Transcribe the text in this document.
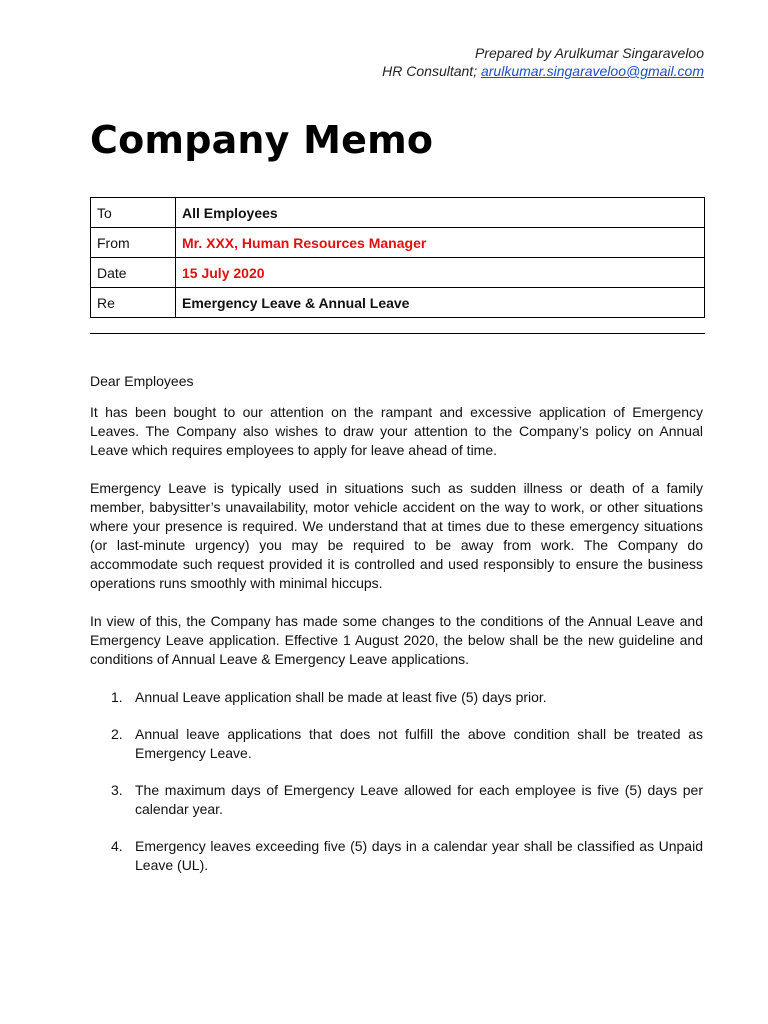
Prepared by Arulkumar Singaraveloo
HR Consultant; arulkumar.singaraveloo@gmail.com
Company Memo
To	All Employees
From	Mr. XXX, Human Resources Manager
Date	15 July 2020
Re	Emergency Leave & Annual Leave

Dear Employees

It has been bought to our attention on the rampant and excessive application of Emergency Leaves. The Company also wishes to draw your attention to the Company’s policy on Annual Leave which requires employees to apply for leave ahead of time.

Emergency Leave is typically used in situations such as sudden illness or death of a family member, babysitter’s unavailability, motor vehicle accident on the way to work, or other situations where your presence is required. We understand that at times due to these emergency situations (or last-minute urgency) you may be required to be away from work. The Company do accommodate such request provided it is controlled and used responsibly to ensure the business operations runs smoothly with minimal hiccups.

In view of this, the Company has made some changes to the conditions of the Annual Leave and Emergency Leave application. Effective 1 August 2020, the below shall be the new guideline and conditions of Annual Leave & Emergency Leave applications.

1. Annual Leave application shall be made at least five (5) days prior.
2. Annual leave applications that does not fulfill the above condition shall be treated as Emergency Leave.
3. The maximum days of Emergency Leave allowed for each employee is five (5) days per calendar year.
4. Emergency leaves exceeding five (5) days in a calendar year shall be classified as Unpaid Leave (UL).
